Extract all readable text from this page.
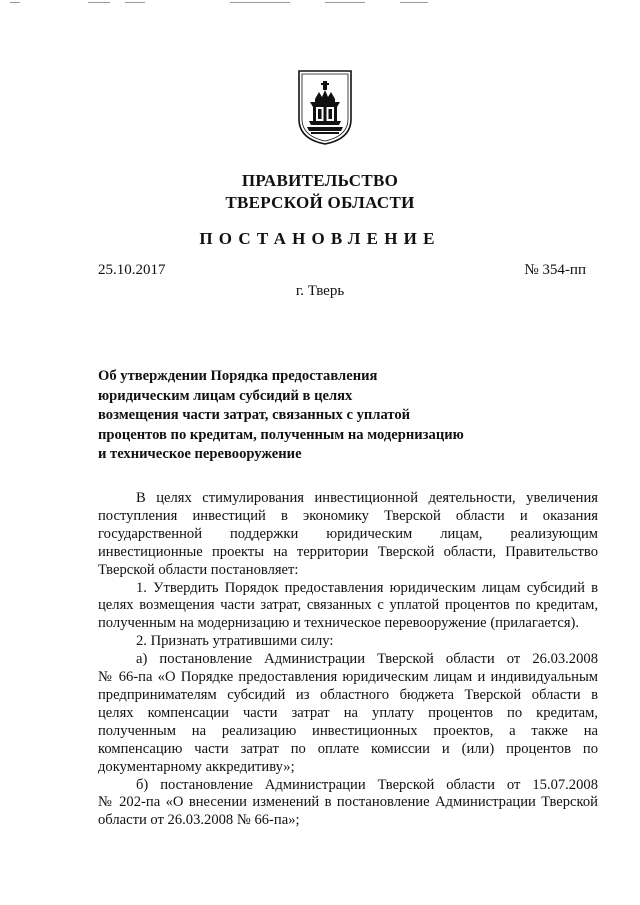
ПРАВИТЕЛЬСТВО
ТВЕРСКОЙ ОБЛАСТИ
ПОСТАНОВЛЕНИЕ
25.10.2017	№ 354-пп
г. Тверь
Об утверждении Порядка предоставления
юридическим лицам субсидий в целях
возмещения части затрат, связанных с уплатой
процентов по кредитам, полученным на модернизацию
и техническое перевооружение

В целях стимулирования инвестиционной деятельности, увеличения

поступления инвестиций в экономику Тверской области и оказания

государственной поддержки юридическим лицам, реализующим

инвестиционные проекты на территории Тверской области, Правительство

Тверской области постановляет:

1. Утвердить Порядок предоставления юридическим лицам субсидий в

целях возмещения части затрат, связанных с уплатой процентов по кредитам,

полученным на модернизацию и техническое перевооружение (прилагается).

2. Признать утратившими силу:

а) постановление Администрации Тверской области от 26.03.2008

№ 66-па «О Порядке предоставления юридическим лицам и индивидуальным

предпринимателям субсидий из областного бюджета Тверской области в

целях компенсации части затрат на уплату процентов по кредитам,

полученным на реализацию инвестиционных проектов, а также на

компенсацию части затрат по оплате комиссии и (или) процентов по

документарному аккредитиву»;

б) постановление Администрации Тверской области от 15.07.2008

№ 202-па «О внесении изменений в постановление Администрации Тверской

области от 26.03.2008 № 66-па»;
